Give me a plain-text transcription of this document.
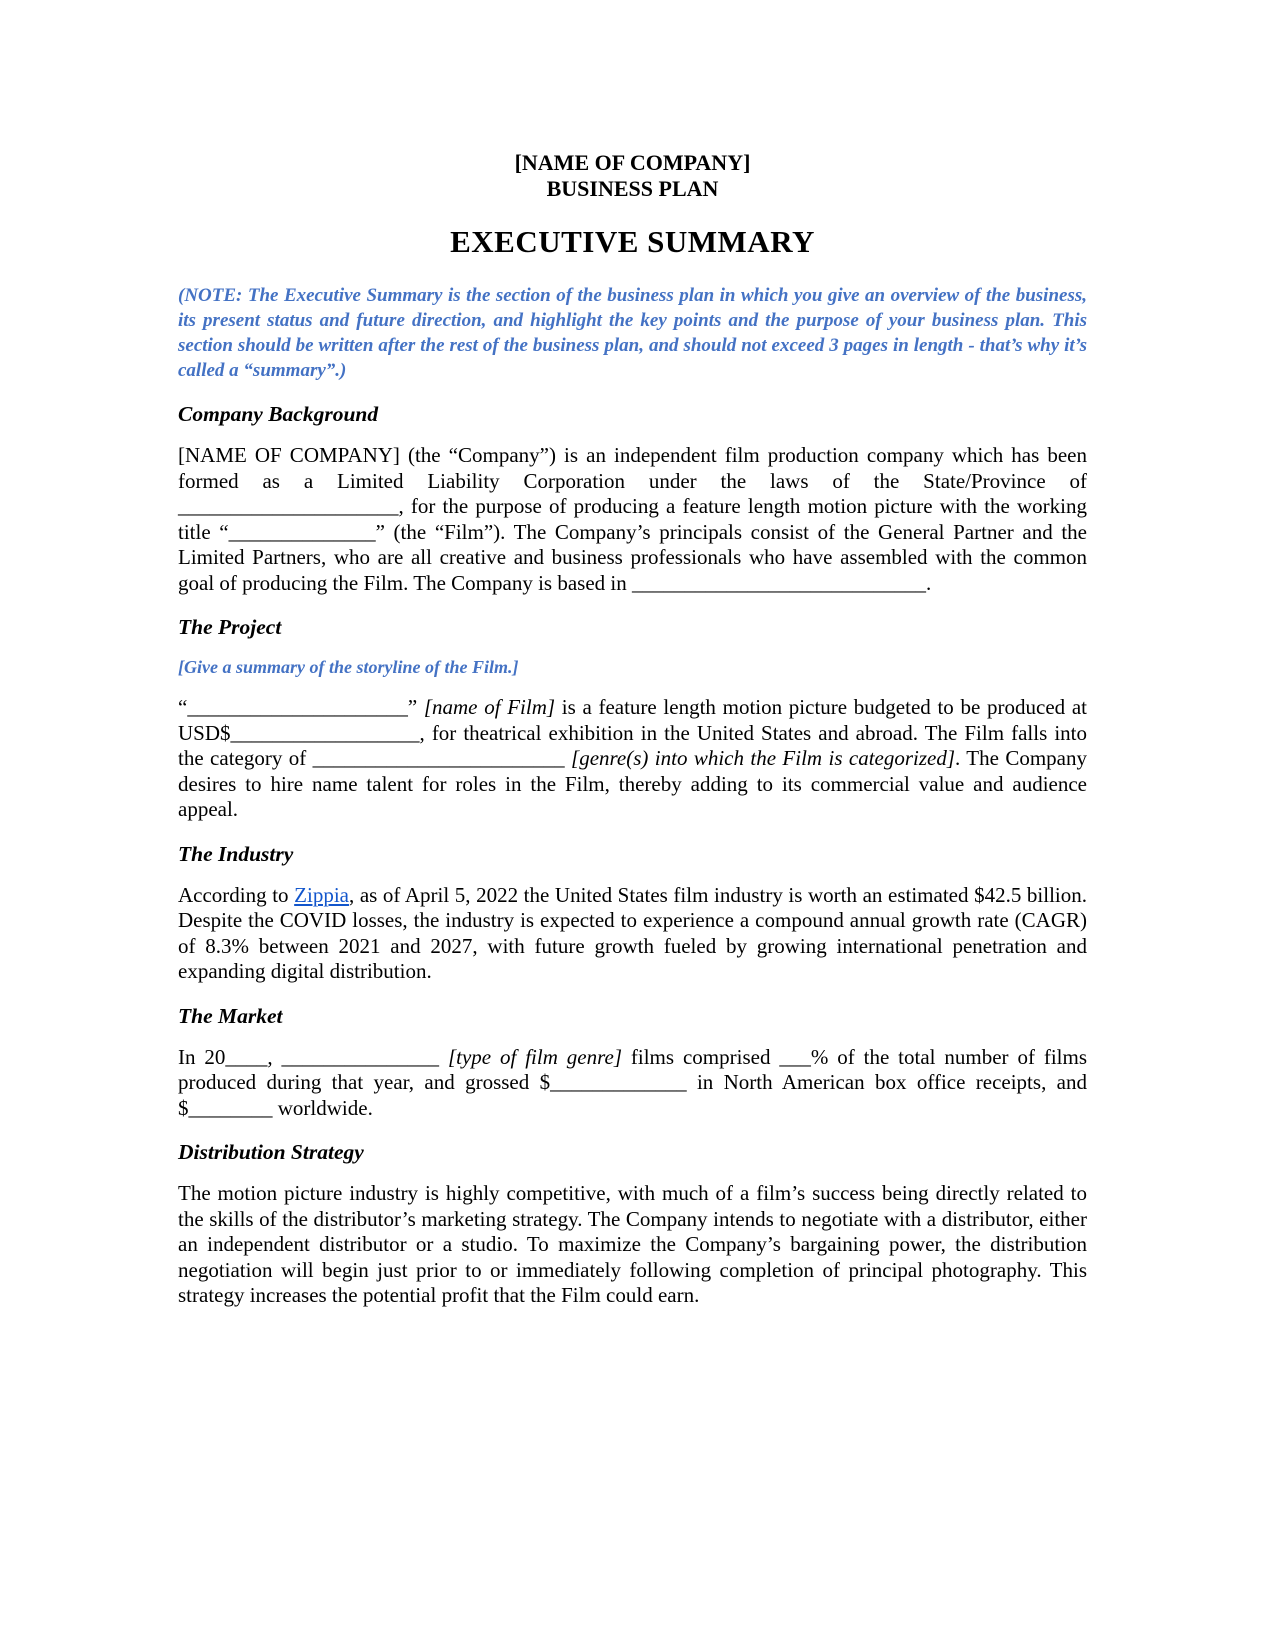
[NAME OF COMPANY]
BUSINESS PLAN
EXECUTIVE SUMMARY

(NOTE: The Executive Summary is the section of the business plan in which you give an overview of the business, its present status and future direction, and highlight the key points and the purpose of your business plan. This section should be written after the rest of the business plan, and should not exceed 3 pages in length - that’s why it’s called a “summary”.)

Company Background

[NAME OF COMPANY] (the “Company”) is an independent film production company which has been formed as a Limited Liability Corporation under the laws of the State/Province of _____________________, for the purpose of producing a feature length motion picture with the working title “______________” (the “Film”). The Company’s principals consist of the General Partner and the Limited Partners, who are all creative and business professionals who have assembled with the common goal of producing the Film. The Company is based in ____________________________.

The Project

[Give a summary of the storyline of the Film.]

“_____________________” [name of Film] is a feature length motion picture budgeted to be produced at USD$__________________, for theatrical exhibition in the United States and abroad. The Film falls into the category of ________________________ [genre(s) into which the Film is categorized]. The Company desires to hire name talent for roles in the Film, thereby adding to its commercial value and audience appeal.

The Industry

According to Zippia, as of April 5, 2022 the United States film industry is worth an estimated $42.5 billion. Despite the COVID losses, the industry is expected to experience a compound annual growth rate (CAGR) of 8.3% between 2021 and 2027, with future growth fueled by growing international penetration and expanding digital distribution.

The Market

In 20____, _______________ [type of film genre] films comprised ___% of the total number of films produced during that year, and grossed $_____________ in North American box office receipts, and $________ worldwide.

Distribution Strategy

The motion picture industry is highly competitive, with much of a film’s success being directly related to the skills of the distributor’s marketing strategy. The Company intends to negotiate with a distributor, either an independent distributor or a studio. To maximize the Company’s bargaining power, the distribution negotiation will begin just prior to or immediately following completion of principal photography. This strategy increases the potential profit that the Film could earn.
